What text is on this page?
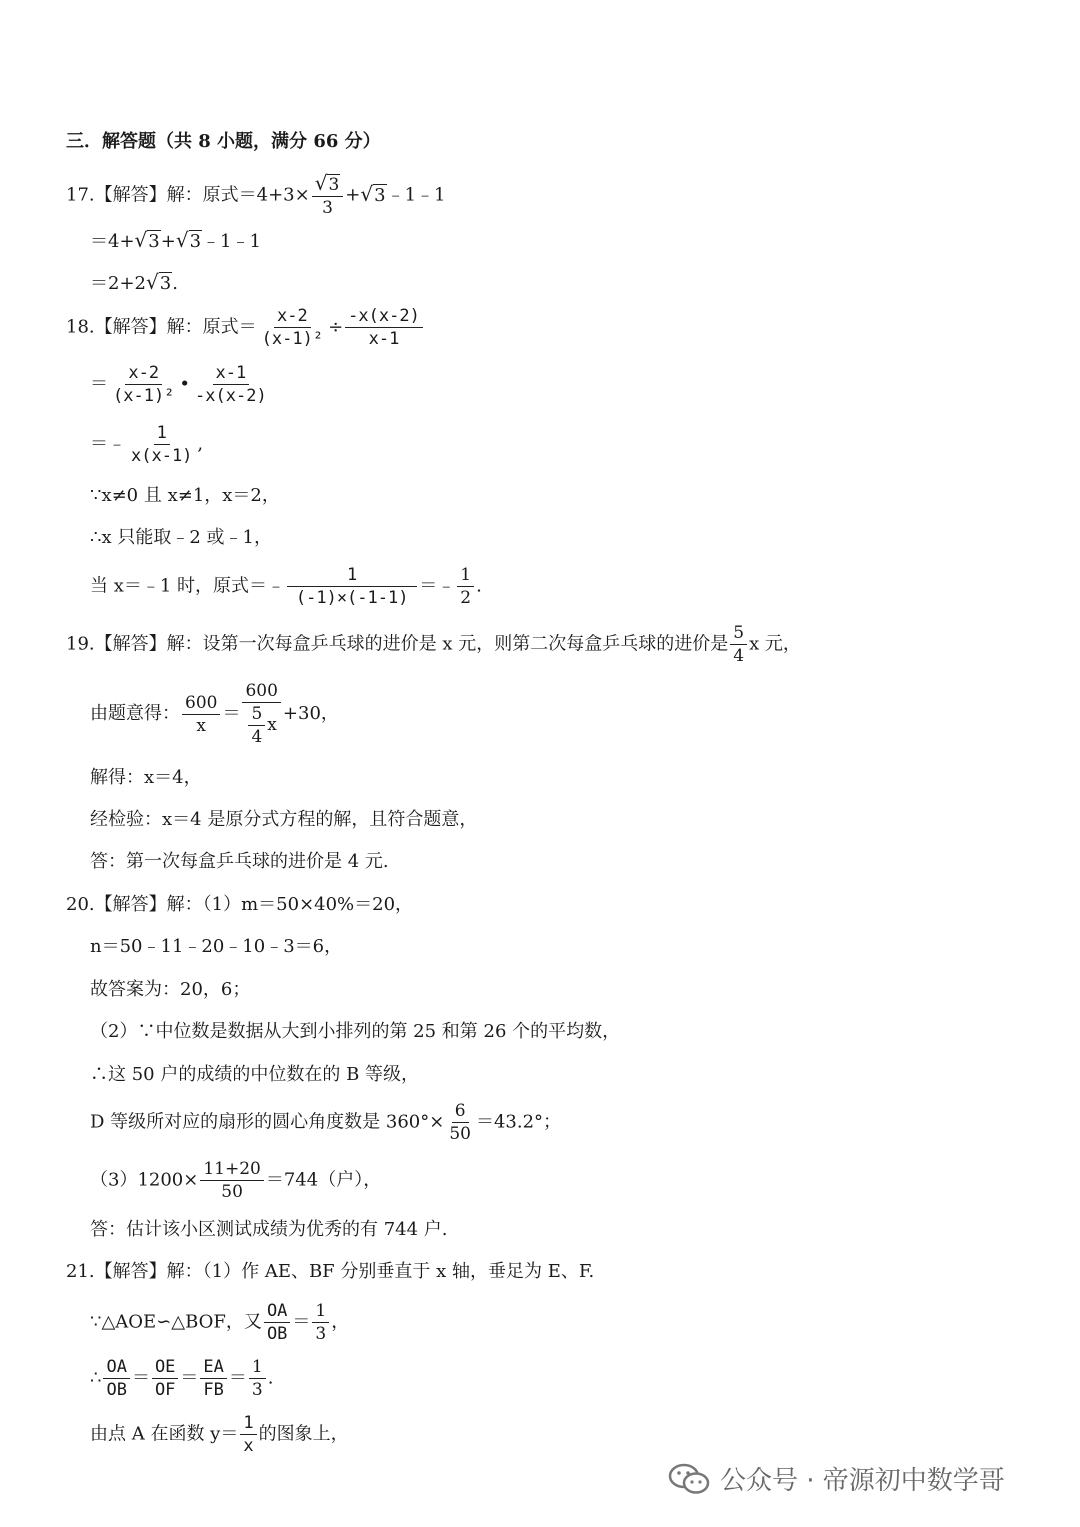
三．解答题（共 8 小题，满分 66 分）
17.【解答】解：原式$=4+3\times \frac{√3}{3}$ +√3﹣1﹣1
＝4+√3+√3﹣1﹣1
＝2+2√3.
18.【解答】解：原式＝ $\frac{x-2}{\text{(x-1)²}} \div \frac{-x(x-2)}{x-1}$
＝ $\frac{x-2}{\text{(x-1)²}}$ • $\frac{x-1}{-x(x-2)}$
＝﹣ $\frac{1}{x(x-1)}$ ,
∵x≠0 且 x≠1，x＝2，
∴x 只能取﹣2 或﹣1，
当 x＝﹣1 时，原式＝﹣ $\frac{1}{(-1)\times(-1-1)}$ ＝﹣ $\frac{1}{2}$ .
19.【解答】解：设第一次每盒乒乓球的进价是 x 元，则第二次每盒乒乓球的进价是 $\frac{5}{4}$ x 元，
由题意得： $\frac{600}{x} = \frac{600}{\frac{5}{4} x} +30$，
解得：x＝4，
经检验：x＝4 是原分式方程的解，且符合题意，
答：第一次每盒乒乓球的进价是 4 元.
20.【解答】解：（1）m＝50×40%＝20，
n＝50﹣11﹣20﹣10﹣3＝6，
故答案为：20，6；
（2）∵中位数是数据从大到小排列的第 25 和第 26 个的平均数，
∴这 50 户的成绩的中位数在的 B 等级，
D 等级所对应的扇形的圆心角度数是 $360^\circ\times \frac{6}{50} =43.2^\circ$；
$(3)1200\times \frac{11+20}{50} =744$（户），
答：估计该小区测试成绩为优秀的有 744 户.
21.【解答】解：（1）作 AE、BF 分别垂直于 x 轴，垂足为 E、F.
∵△AOE∽△BOF，又 $\frac{OA}{OB} = \frac{1}{3}$ ，
∴ $\frac{OA}{OB} = \frac{OE}{OF} = \frac{EA}{FB} = \frac{1}{3}$ .
由点 A 在函数 $y= \frac{1}{x}$ 的图象上，
公众号 · 帝源初中数学哥
